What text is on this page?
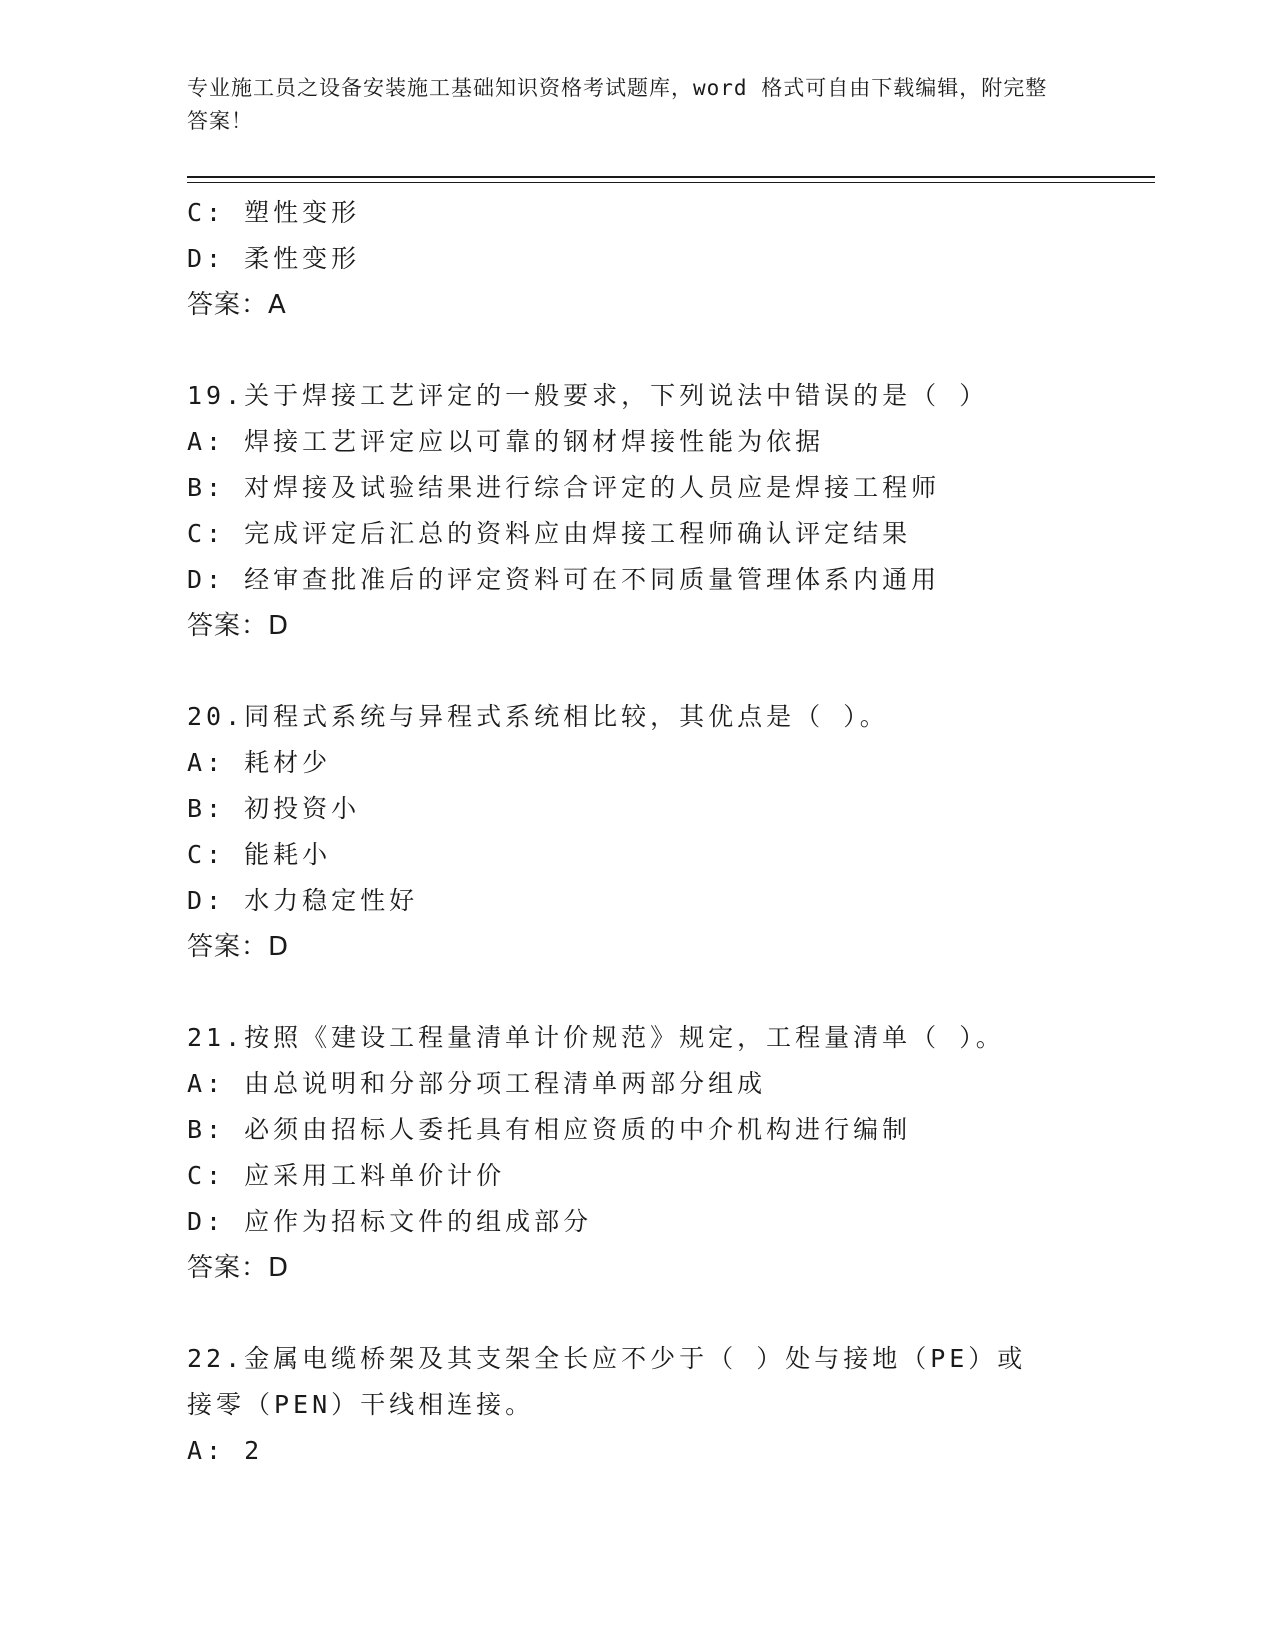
专业施工员之设备安装施工基础知识资格考试题库，word 格式可自由下载编辑，附完整答案！
C: 塑性变形
D: 柔性变形
答案：A
19.关于焊接工艺评定的一般要求，下列说法中错误的是（ ）
A: 焊接工艺评定应以可靠的钢材焊接性能为依据
B: 对焊接及试验结果进行综合评定的人员应是焊接工程师
C: 完成评定后汇总的资料应由焊接工程师确认评定结果
D: 经审查批准后的评定资料可在不同质量管理体系内通用
答案：D
20.同程式系统与异程式系统相比较，其优点是（ ）。
A: 耗材少
B: 初投资小
C: 能耗小
D: 水力稳定性好
答案：D
21.按照《建设工程量清单计价规范》规定，工程量清单（ ）。
A: 由总说明和分部分项工程清单两部分组成
B: 必须由招标人委托具有相应资质的中介机构进行编制
C: 应采用工料单价计价
D: 应作为招标文件的组成部分
答案：D
22.金属电缆桥架及其支架全长应不少于（ ）处与接地（PE）或接零（PEN）干线相连接。
A: 2
